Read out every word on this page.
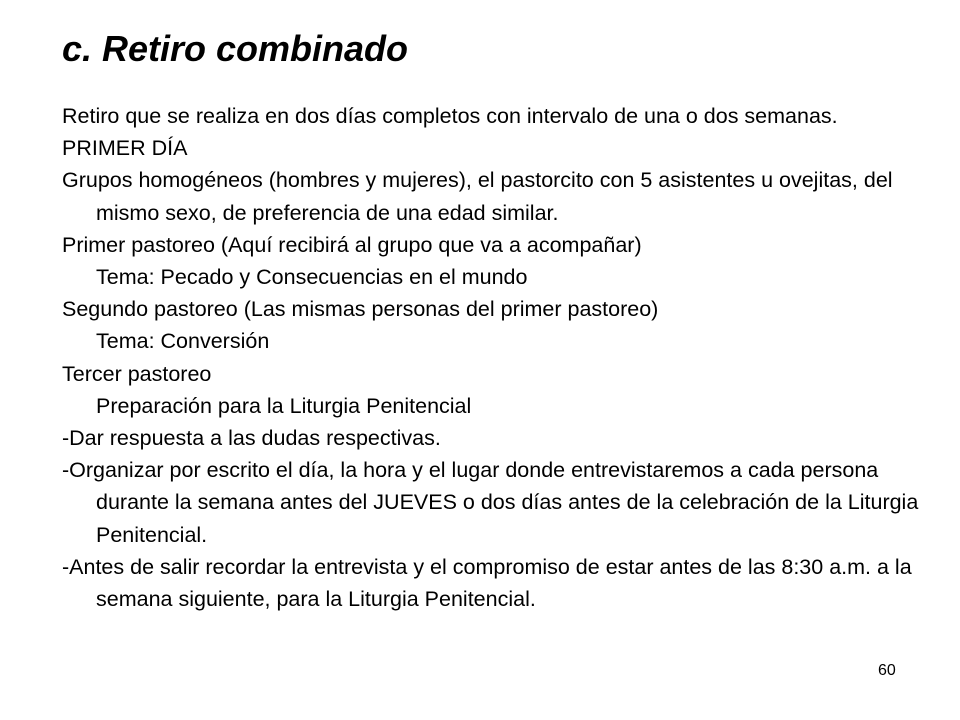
c. Retiro combinado

Retiro que se realiza en dos días completos con intervalo de una o dos semanas.

PRIMER DÍA

Grupos homogéneos (hombres y mujeres), el pastorcito con 5 asistentes u ovejitas, del mismo sexo, de preferencia de una edad similar.

Primer pastoreo (Aquí recibirá al grupo que va a acompañar)

Tema: Pecado y Consecuencias en el mundo

Segundo pastoreo (Las mismas personas del primer pastoreo)

Tema: Conversión

Tercer pastoreo

Preparación para la Liturgia Penitencial

-Dar respuesta a las dudas respectivas.

-Organizar por escrito el día, la hora y el lugar donde entrevistaremos a cada persona durante la semana antes del JUEVES o dos días antes de la celebración de la Liturgia Penitencial.

-Antes de salir recordar la entrevista y el compromiso de estar antes de las 8:30 a.m. a la semana siguiente, para la Liturgia Penitencial.

60
